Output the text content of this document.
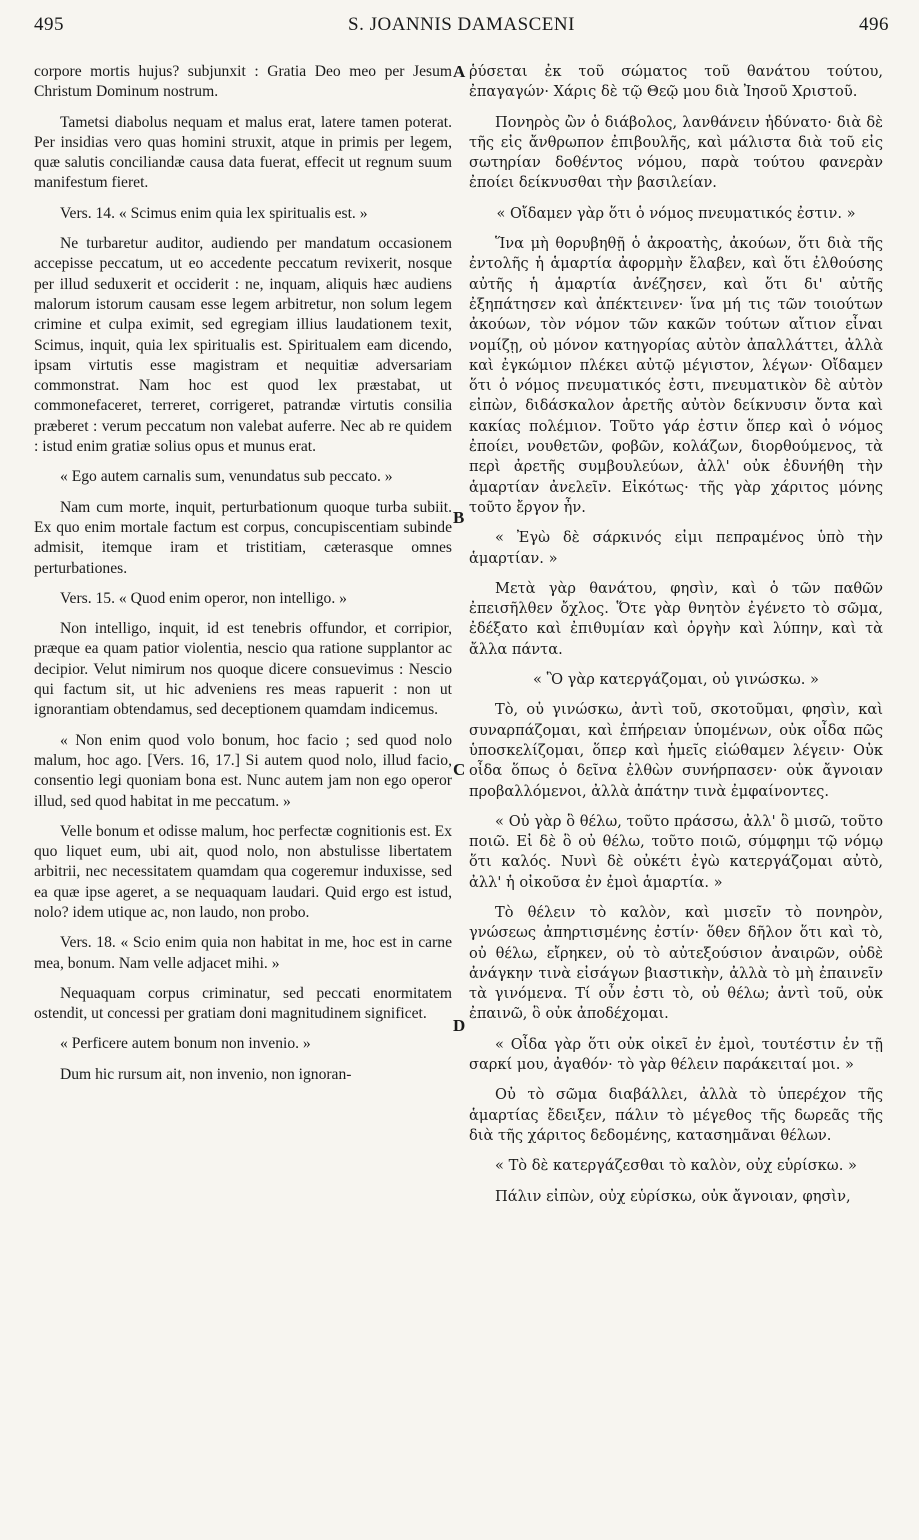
495	S. JOANNIS DAMASCENI	496
A
B
C
D

corpore mortis hujus? subjunxit : Gratia Deo meo per Jesum Christum Dominum nostrum.

Tametsi diabolus nequam et malus erat, latere tamen poterat. Per insidias vero quas homini struxit, atque in primis per legem, quæ salutis conciliandæ causa data fuerat, effecit ut regnum suum manifestum fieret.

Vers. 14. « Scimus enim quia lex spiritualis est. »

Ne turbaretur auditor, audiendo per mandatum occasionem accepisse peccatum, ut eo accedente peccatum revixerit, nosque per illud seduxerit et occiderit : ne, inquam, aliquis hæc audiens malorum istorum causam esse legem arbitretur, non solum legem crimine et culpa eximit, sed egregiam illius laudationem texit, Scimus, inquit, quia lex spiritualis est. Spiritualem eam dicendo, ipsam virtutis esse magistram et nequitiæ adversariam commonstrat. Nam hoc est quod lex præstabat, ut commonefaceret, terreret, corrigeret, patrandæ virtutis consilia præberet : verum peccatum non valebat auferre. Nec ab re quidem : istud enim gratiæ solius opus et munus erat.

« Ego autem carnalis sum, venundatus sub peccato. »

Nam cum morte, inquit, perturbationum quoque turba subiit. Ex quo enim mortale factum est corpus, concupiscentiam subinde admisit, itemque iram et tristitiam, cæterasque omnes perturbationes.

Vers. 15. « Quod enim operor, non intelligo. »

Non intelligo, inquit, id est tenebris offundor, et corripior, præque ea quam patior violentia, nescio qua ratione supplantor ac decipior. Velut nimirum nos quoque dicere consuevimus : Nescio qui factum sit, ut hic adveniens res meas rapuerit : non ut ignorantiam obtendamus, sed deceptionem quamdam indicemus.

« Non enim quod volo bonum, hoc facio ; sed quod nolo malum, hoc ago. [Vers. 16, 17.] Si autem quod nolo, illud facio, consentio legi quoniam bona est. Nunc autem jam non ego operor illud, sed quod habitat in me peccatum. »

Velle bonum et odisse malum, hoc perfectæ cognitionis est. Ex quo liquet eum, ubi ait, quod nolo, non abstulisse libertatem arbitrii, nec necessitatem quamdam qua cogeremur induxisse, sed ea quæ ipse ageret, a se nequaquam laudari. Quid ergo est istud, nolo? idem utique ac, non laudo, non probo.

Vers. 18. « Scio enim quia non habitat in me, hoc est in carne mea, bonum. Nam velle adjacet mihi. »

Nequaquam corpus criminatur, sed peccati enormitatem ostendit, ut concessi per gratiam doni magnitudinem significet.

« Perficere autem bonum non invenio. »

Dum hic rursum ait, non invenio, non ignoran-

ῥύσεται ἐκ τοῦ σώματος τοῦ θανάτου τούτου, ἐπαγαγών· Χάρις δὲ τῷ Θεῷ μου διὰ Ἰησοῦ Χριστοῦ.

Πονηρὸς ὢν ὁ διάβολος, λανθάνειν ἠδύνατο· διὰ δὲ τῆς εἰς ἄνθρωπον ἐπιβουλῆς, καὶ μάλιστα διὰ τοῦ εἰς σωτηρίαν δοθέντος νόμου, παρὰ τούτου φανερὰν ἐποίει δείκνυσθαι τὴν βασιλείαν.

« Οἴδαμεν γὰρ ὅτι ὁ νόμος πνευματικός ἐστιν. »

Ἵνα μὴ θορυβηθῇ ὁ ἀκροατὴς, ἀκούων, ὅτι διὰ τῆς ἐντολῆς ἡ ἁμαρτία ἀφορμὴν ἔλαβεν, καὶ ὅτι ἐλθούσης αὐτῆς ἡ ἁμαρτία ἀνέζησεν, καὶ ὅτι δι' αὐτῆς ἐξηπάτησεν καὶ ἀπέκτεινεν· ἵνα μή τις τῶν τοιούτων ἀκούων, τὸν νόμον τῶν κακῶν τούτων αἴτιον εἶναι νομίζῃ, οὐ μόνον κατηγορίας αὐτὸν ἀπαλλάττει, ἀλλὰ καὶ ἐγκώμιον πλέκει αὐτῷ μέγιστον, λέγων· Οἴδαμεν ὅτι ὁ νόμος πνευματικός ἐστι, πνευματικὸν δὲ αὐτὸν εἰπὼν, διδάσκαλον ἀρετῆς αὐτὸν δείκνυσιν ὄντα καὶ κακίας πολέμιον. Τοῦτο γάρ ἐστιν ὅπερ καὶ ὁ νόμος ἐποίει, νουθετῶν, φοβῶν, κολάζων, διορθούμενος, τὰ περὶ ἀρετῆς συμβουλεύων, ἀλλ' οὐκ ἐδυνήθη τὴν ἁμαρτίαν ἀνελεῖν. Εἰκότως· τῆς γὰρ χάριτος μόνης τοῦτο ἔργον ἦν.

« Ἐγὼ δὲ σάρκινός εἰμι πεπραμένος ὑπὸ τὴν ἁμαρτίαν. »

Μετὰ γὰρ θανάτου, φησὶν, καὶ ὁ τῶν παθῶν ἐπεισῆλθεν ὄχλος. Ὅτε γὰρ θνητὸν ἐγένετο τὸ σῶμα, ἐδέξατο καὶ ἐπιθυμίαν καὶ ὀργὴν καὶ λύπην, καὶ τὰ ἄλλα πάντα.

« Ὃ γὰρ κατεργάζομαι, οὐ γινώσκω. »

Τὸ, οὐ γινώσκω, ἀντὶ τοῦ, σκοτοῦμαι, φησὶν, καὶ συναρπάζομαι, καὶ ἐπήρειαν ὑπομένων, οὐκ οἶδα πῶς ὑποσκελίζομαι, ὅπερ καὶ ἡμεῖς εἰώθαμεν λέγειν· Οὐκ οἶδα ὅπως ὁ δεῖνα ἐλθὼν συνήρπασεν· οὐκ ἄγνοιαν προβαλλόμενοι, ἀλλὰ ἀπάτην τινὰ ἐμφαίνοντες.

« Οὐ γὰρ ὃ θέλω, τοῦτο πράσσω, ἀλλ' ὃ μισῶ, τοῦτο ποιῶ. Εἰ δὲ ὃ οὐ θέλω, τοῦτο ποιῶ, σύμφημι τῷ νόμῳ ὅτι καλός. Νυνὶ δὲ οὐκέτι ἐγὼ κατεργάζομαι αὐτὸ, ἀλλ' ἡ οἰκοῦσα ἐν ἐμοὶ ἁμαρτία. »

Τὸ θέλειν τὸ καλὸν, καὶ μισεῖν τὸ πονηρὸν, γνώσεως ἀπηρτισμένης ἐστίν· ὅθεν δῆλον ὅτι καὶ τὸ, οὐ θέλω, εἴρηκεν, οὐ τὸ αὐτεξούσιον ἀναιρῶν, οὐδὲ ἀνάγκην τινὰ εἰσάγων βιαστικὴν, ἀλλὰ τὸ μὴ ἐπαινεῖν τὰ γινόμενα. Τί οὖν ἐστι τὸ, οὐ θέλω; ἀντὶ τοῦ, οὐκ ἐπαινῶ, ὃ οὐκ ἀποδέχομαι.

« Οἶδα γὰρ ὅτι οὐκ οἰκεῖ ἐν ἐμοὶ, τουτέστιν ἐν τῇ σαρκί μου, ἀγαθόν· τὸ γὰρ θέλειν παράκειταί μοι. »

Οὐ τὸ σῶμα διαβάλλει, ἀλλὰ τὸ ὑπερέχον τῆς ἁμαρτίας ἔδειξεν, πάλιν τὸ μέγεθος τῆς δωρεᾶς τῆς διὰ τῆς χάριτος δεδομένης, κατασημᾶναι θέλων.

« Τὸ δὲ κατεργάζεσθαι τὸ καλὸν, οὐχ εὑρίσκω. »

Πάλιν εἰπὼν, οὐχ εὑρίσκω, οὐκ ἄγνοιαν, φησὶν,
